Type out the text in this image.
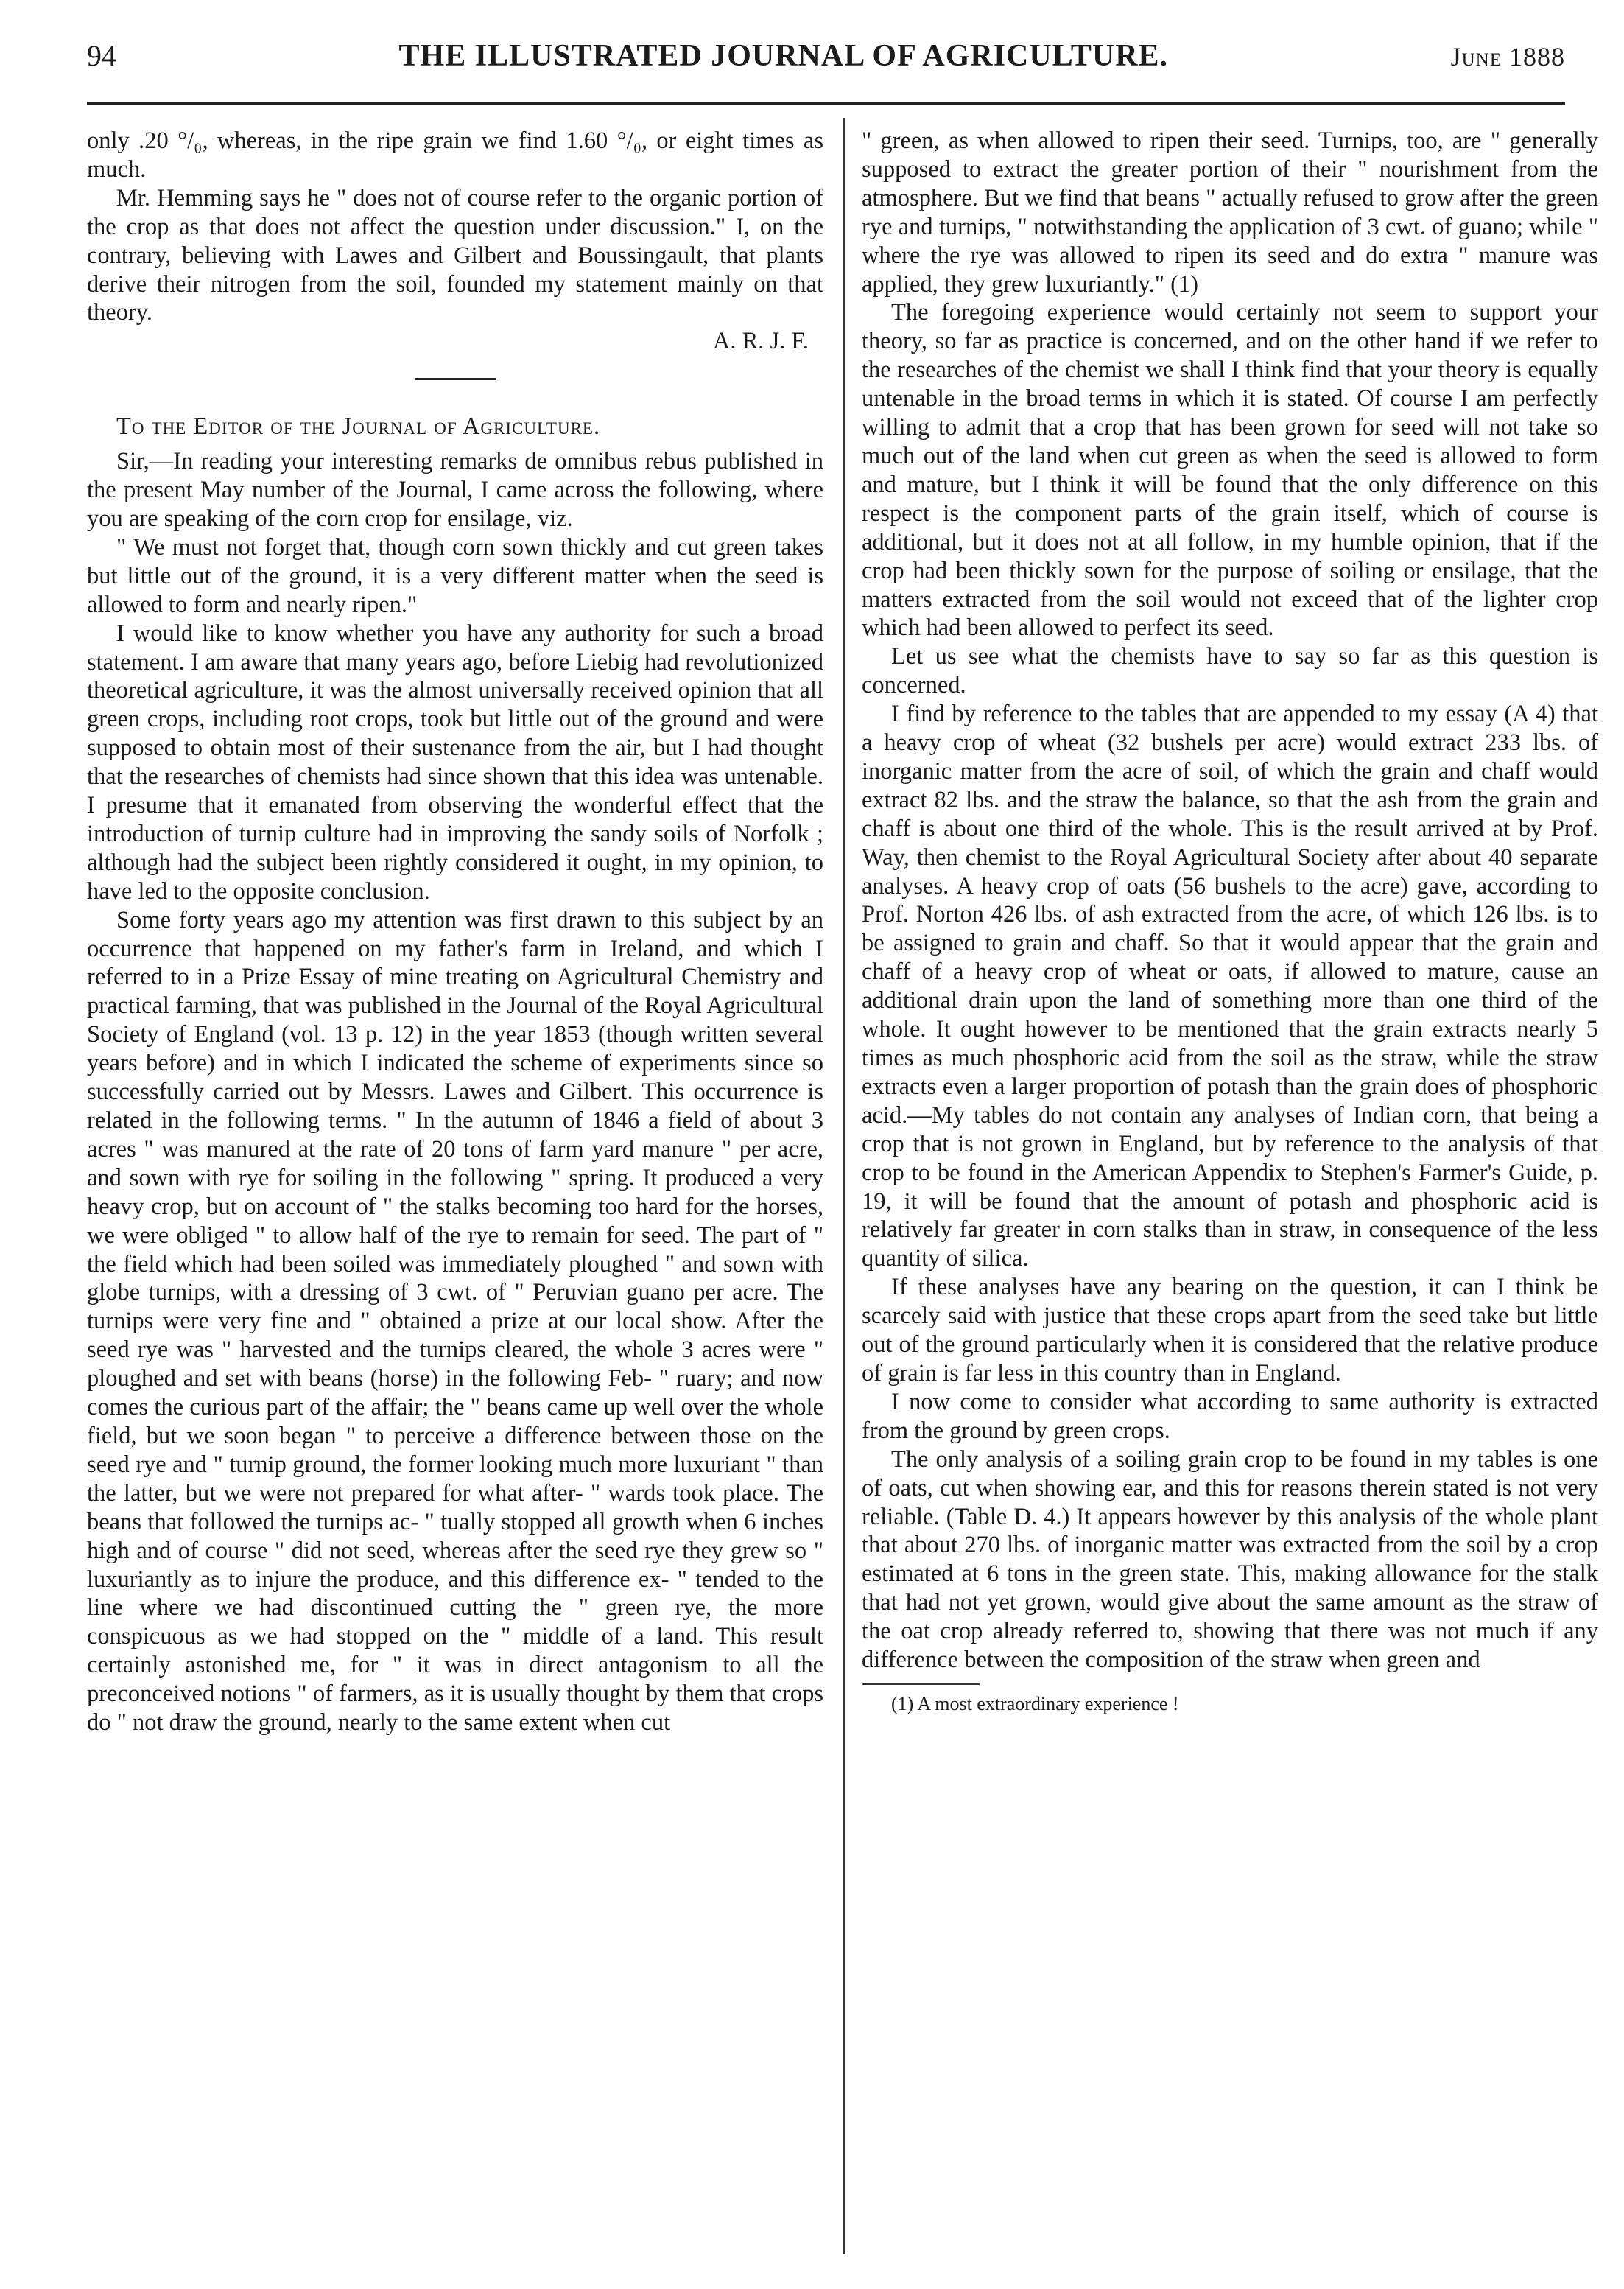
94	THE ILLUSTRATED JOURNAL OF AGRICULTURE.	June 1888

only .20 °/₀, whereas, in the ripe grain we find 1.60 °/₀, or eight times as much.

Mr. Hemming says he " does not of course refer to the organic portion of the crop as that does not affect the question under discussion." I, on the contrary, believing with Lawes and Gilbert and Boussingault, that plants derive their nitrogen from the soil, founded my statement mainly on that theory.

A. R. J. F.

To the Editor of the Journal of Agriculture.

Sir,—In reading your interesting remarks de omnibus rebus published in the present May number of the Journal, I came across the following, where you are speaking of the corn crop for ensilage, viz.

" We must not forget that, though corn sown thickly and cut green takes but little out of the ground, it is a very different matter when the seed is allowed to form and nearly ripen."

I would like to know whether you have any authority for such a broad statement. I am aware that many years ago, before Liebig had revolutionized theoretical agriculture, it was the almost universally received opinion that all green crops, including root crops, took but little out of the ground and were supposed to obtain most of their sustenance from the air, but I had thought that the researches of chemists had since shown that this idea was untenable. I presume that it emanated from observing the wonderful effect that the introduction of turnip culture had in improving the sandy soils of Norfolk ; although had the subject been rightly considered it ought, in my opinion, to have led to the opposite conclusion.

Some forty years ago my attention was first drawn to this subject by an occurrence that happened on my father's farm in Ireland, and which I referred to in a Prize Essay of mine treating on Agricultural Chemistry and practical farming, that was published in the Journal of the Royal Agricultural Society of England (vol. 13 p. 12) in the year 1853 (though written several years before) and in which I indicated the scheme of experiments since so successfully carried out by Messrs. Lawes and Gilbert. This occurrence is related in the following terms. " In the autumn of 1846 a field of about 3 acres " was manured at the rate of 20 tons of farm yard manure " per acre, and sown with rye for soiling in the following " spring. It produced a very heavy crop, but on account of " the stalks becoming too hard for the horses, we were obliged " to allow half of the rye to remain for seed. The part of " the field which had been soiled was immediately ploughed " and sown with globe turnips, with a dressing of 3 cwt. of " Peruvian guano per acre. The turnips were very fine and " obtained a prize at our local show. After the seed rye was " harvested and the turnips cleared, the whole 3 acres were " ploughed and set with beans (horse) in the following Feb- " ruary; and now comes the curious part of the affair; the " beans came up well over the whole field, but we soon began " to perceive a difference between those on the seed rye and " turnip ground, the former looking much more luxuriant " than the latter, but we were not prepared for what after- " wards took place. The beans that followed the turnips ac- " tually stopped all growth when 6 inches high and of course " did not seed, whereas after the seed rye they grew so " luxuriantly as to injure the produce, and this difference ex- " tended to the line where we had discontinued cutting the " green rye, the more conspicuous as we had stopped on the " middle of a land. This result certainly astonished me, for " it was in direct antagonism to all the preconceived notions " of farmers, as it is usually thought by them that crops do " not draw the ground, nearly to the same extent when cut

" green, as when allowed to ripen their seed. Turnips, too, are " generally supposed to extract the greater portion of their " nourishment from the atmosphere. But we find that beans " actually refused to grow after the green rye and turnips, " notwithstanding the application of 3 cwt. of guano; while " where the rye was allowed to ripen its seed and do extra " manure was applied, they grew luxuriantly." (1)

The foregoing experience would certainly not seem to support your theory, so far as practice is concerned, and on the other hand if we refer to the researches of the chemist we shall I think find that your theory is equally untenable in the broad terms in which it is stated. Of course I am perfectly willing to admit that a crop that has been grown for seed will not take so much out of the land when cut green as when the seed is allowed to form and mature, but I think it will be found that the only difference on this respect is the component parts of the grain itself, which of course is additional, but it does not at all follow, in my humble opinion, that if the crop had been thickly sown for the purpose of soiling or ensilage, that the matters extracted from the soil would not exceed that of the lighter crop which had been allowed to perfect its seed.

Let us see what the chemists have to say so far as this question is concerned.

I find by reference to the tables that are appended to my essay (A 4) that a heavy crop of wheat (32 bushels per acre) would extract 233 lbs. of inorganic matter from the acre of soil, of which the grain and chaff would extract 82 lbs. and the straw the balance, so that the ash from the grain and chaff is about one third of the whole. This is the result arrived at by Prof. Way, then chemist to the Royal Agricultural Society after about 40 separate analyses. A heavy crop of oats (56 bushels to the acre) gave, according to Prof. Norton 426 lbs. of ash extracted from the acre, of which 126 lbs. is to be assigned to grain and chaff. So that it would appear that the grain and chaff of a heavy crop of wheat or oats, if allowed to mature, cause an additional drain upon the land of something more than one third of the whole. It ought however to be mentioned that the grain extracts nearly 5 times as much phosphoric acid from the soil as the straw, while the straw extracts even a larger proportion of potash than the grain does of phosphoric acid.—My tables do not contain any analyses of Indian corn, that being a crop that is not grown in England, but by reference to the analysis of that crop to be found in the American Appendix to Stephen's Farmer's Guide, p. 19, it will be found that the amount of potash and phosphoric acid is relatively far greater in corn stalks than in straw, in consequence of the less quantity of silica.

If these analyses have any bearing on the question, it can I think be scarcely said with justice that these crops apart from the seed take but little out of the ground particularly when it is considered that the relative produce of grain is far less in this country than in England.

I now come to consider what according to same authority is extracted from the ground by green crops.

The only analysis of a soiling grain crop to be found in my tables is one of oats, cut when showing ear, and this for reasons therein stated is not very reliable. (Table D. 4.) It appears however by this analysis of the whole plant that about 270 lbs. of inorganic matter was extracted from the soil by a crop estimated at 6 tons in the green state. This, making allowance for the stalk that had not yet grown, would give about the same amount as the straw of the oat crop already referred to, showing that there was not much if any difference between the composition of the straw when green and

(1) A most extraordinary experience !
